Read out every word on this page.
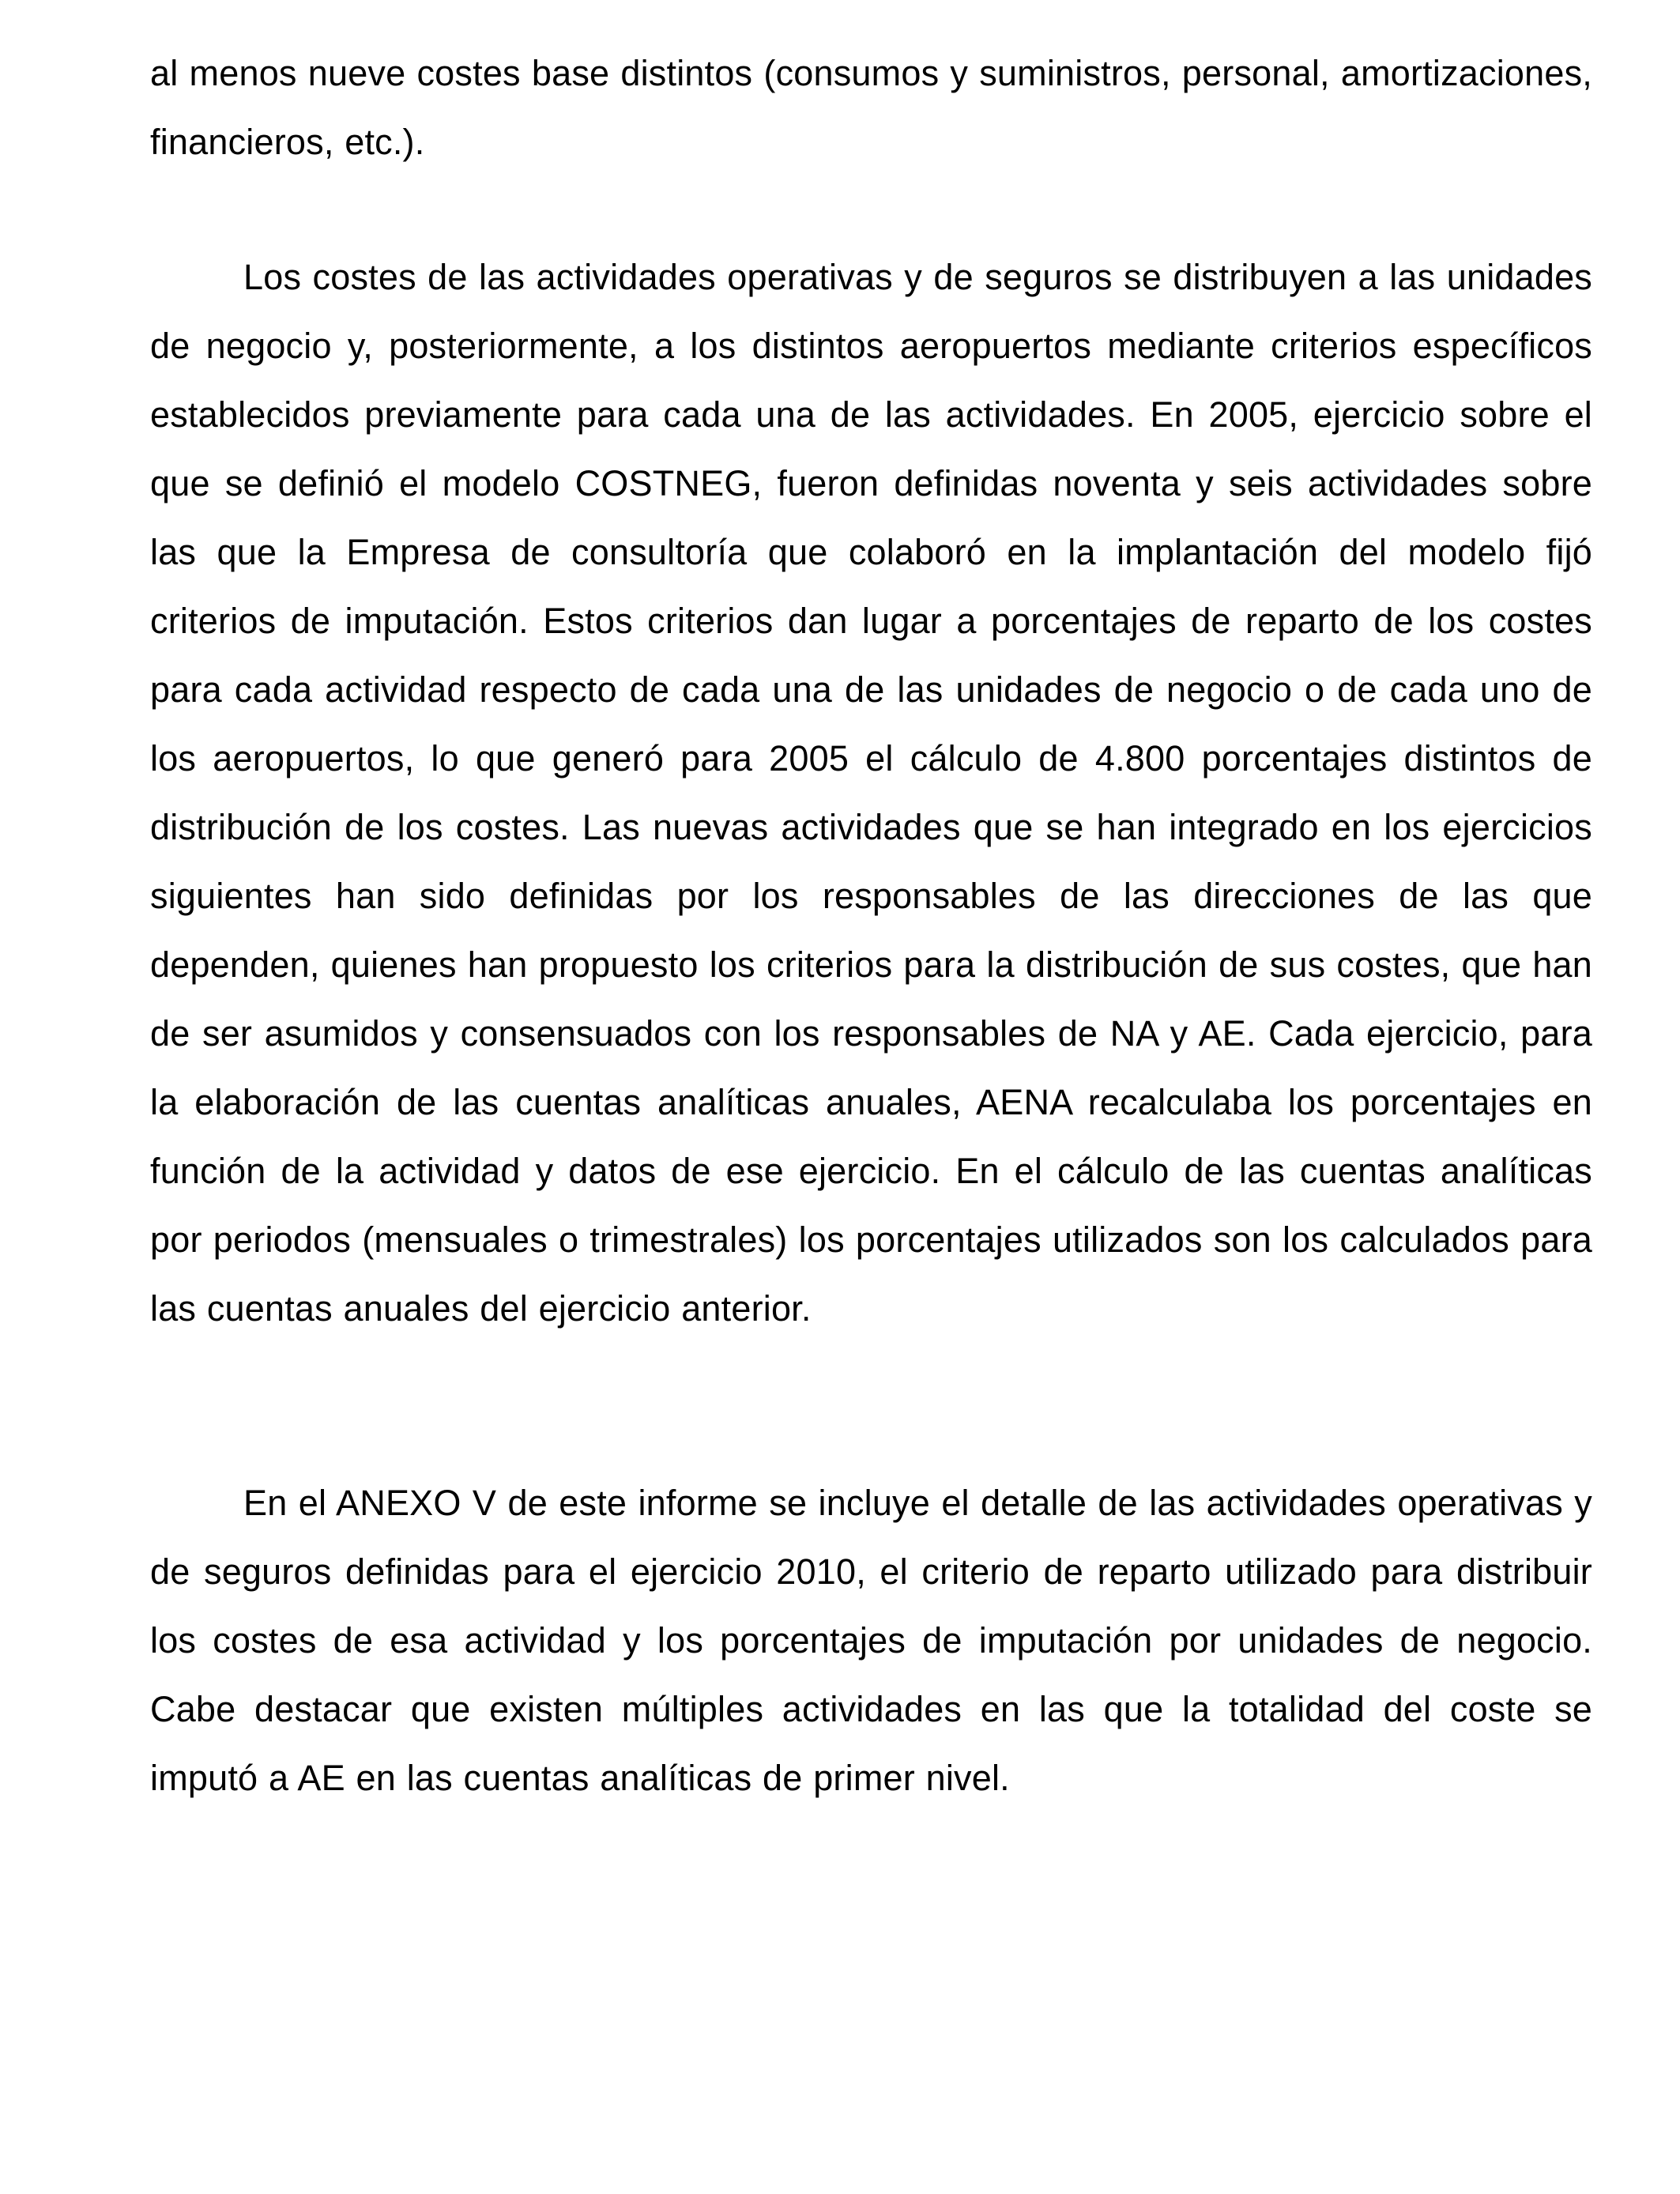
al menos nueve costes base distintos (consumos y suministros, personal, amortizaciones, financieros, etc.).

Los costes de las actividades operativas y de seguros se distribuyen a las unidades de negocio y, posteriormente, a los distintos aeropuertos mediante criterios específicos establecidos previamente para cada una de las actividades. En 2005, ejercicio sobre el que se definió el modelo COSTNEG, fueron definidas noventa y seis actividades sobre las que la Empresa de consultoría que colaboró en la implantación del modelo fijó criterios de imputación. Estos criterios dan lugar a porcentajes de reparto de los costes para cada actividad respecto de cada una de las unidades de negocio o de cada uno de los aeropuertos, lo que generó para 2005 el cálculo de 4.800 porcentajes distintos de distribución de los costes. Las nuevas actividades que se han integrado en los ejercicios siguientes han sido definidas por los responsables de las direcciones de las que dependen, quienes han propuesto los criterios para la distribución de sus costes, que han de ser asumidos y consensuados con los responsables de NA y AE. Cada ejercicio, para la elaboración de las cuentas analíticas anuales, AENA recalculaba los porcentajes en función de la actividad y datos de ese ejercicio. En el cálculo de las cuentas analíticas por periodos (mensuales o trimestrales) los porcentajes utilizados son los calculados para las cuentas anuales del ejercicio anterior.

En el ANEXO V de este informe se incluye el detalle de las actividades operativas y de seguros definidas para el ejercicio 2010, el criterio de reparto utilizado para distribuir los costes de esa actividad y los porcentajes de imputación por unidades de negocio. Cabe destacar que existen múltiples actividades en las que la totalidad del coste se imputó a AE en las cuentas analíticas de primer nivel.
